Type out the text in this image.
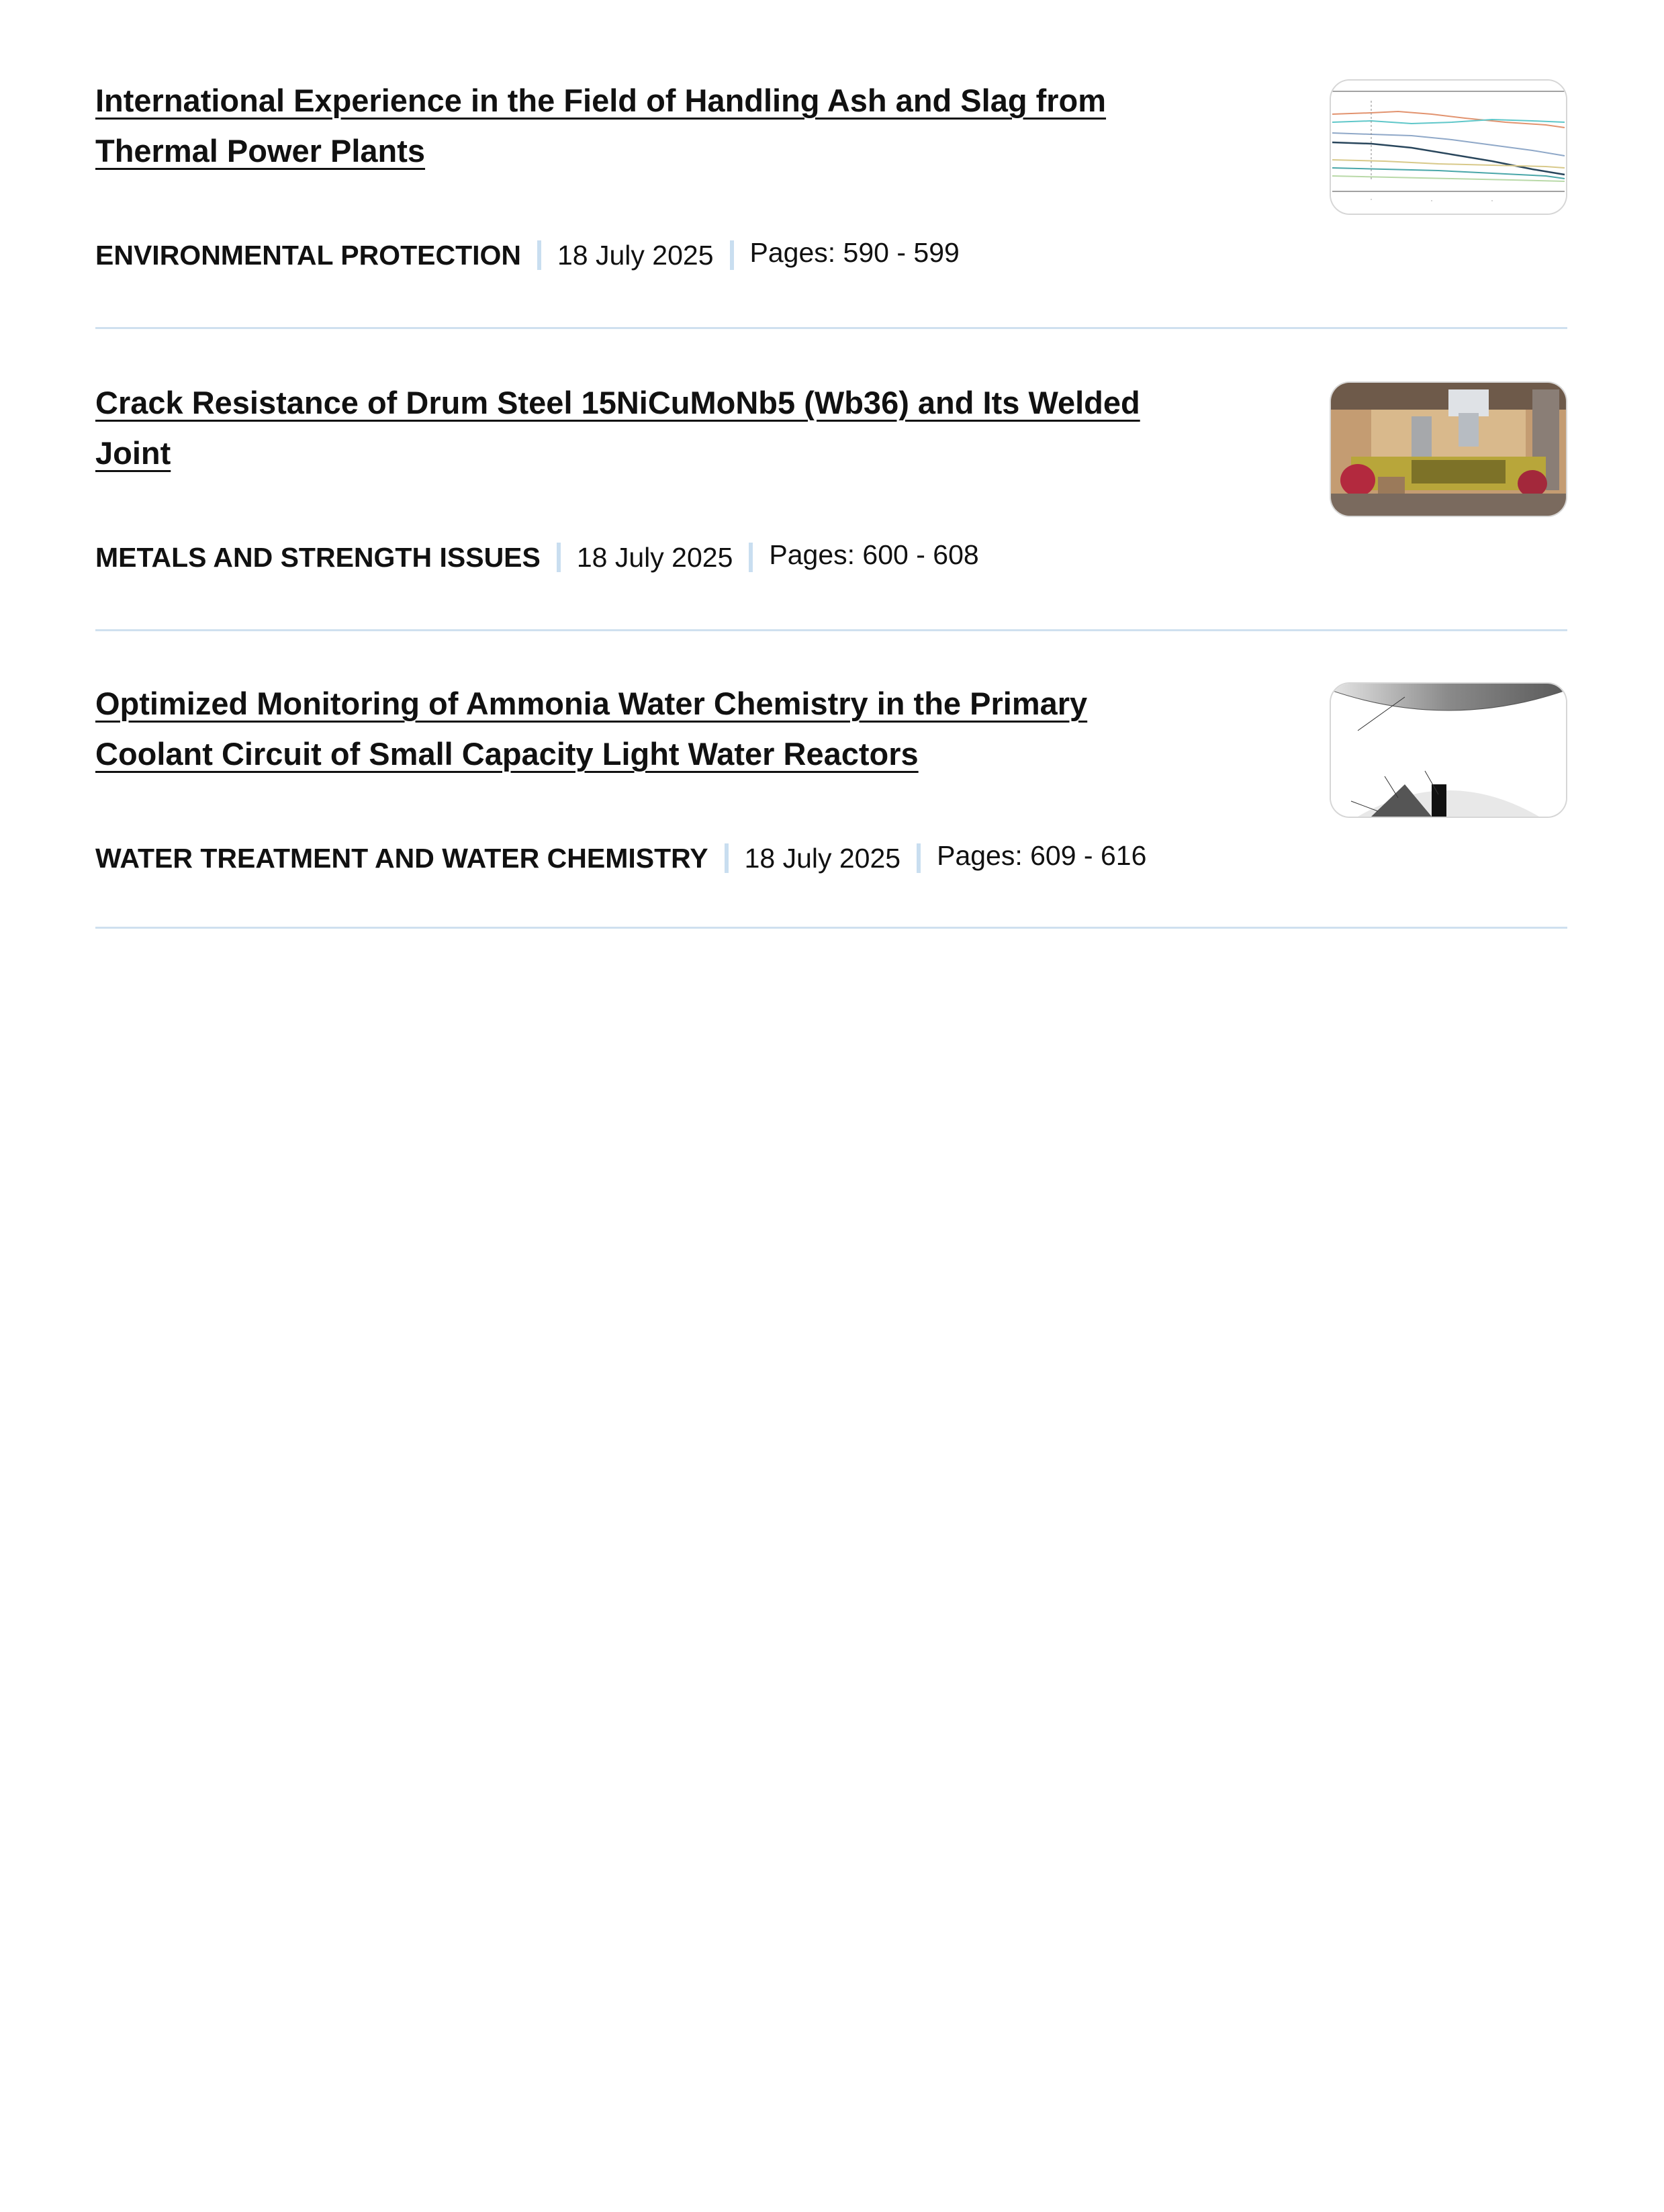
International Experience in the Field of Handling Ash and Slag from
Thermal Power Plants
ENVIRONMENTAL PROTECTION 18 July 2025 Pages: 590 - 599
·	·	·
Crack Resistance of Drum Steel 15NiCuMoNb5 (Wb36) and Its Welded
Joint
METALS AND STRENGTH ISSUES 18 July 2025 Pages: 600 - 608
Optimized Monitoring of Ammonia Water Chemistry in the Primary
Coolant Circuit of Small Capacity Light Water Reactors
WATER TREATMENT AND WATER CHEMISTRY 18 July 2025 Pages: 609 - 616
